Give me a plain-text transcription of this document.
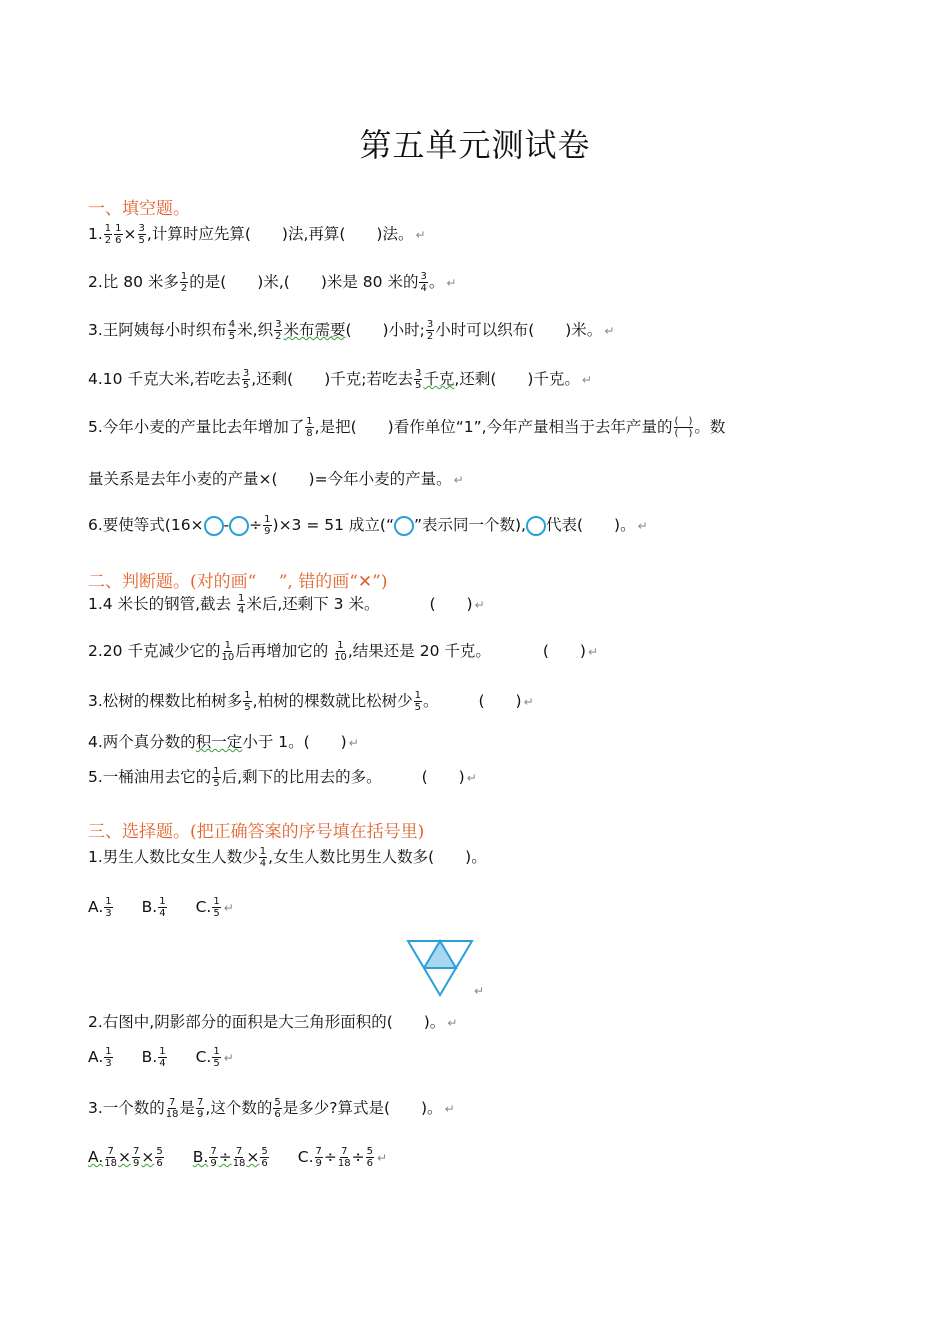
第五单元测试卷
一、填空题。
1. $\frac{1}{2} \frac{1}{6} \times \frac{3}{5}$ ,计算时应先算(　　)法,再算(　　)法。 ↵
2.比 80 米多 $\frac{1}{2}$ 的是(　　)米,(　　)米是 80 米的 $\frac{3}{4}$ 。 ↵
3.王阿姨每小时织布 $\frac{4}{5}$ 米,织 $\frac{3}{2}$ 米布需要(　　)小时; $\frac{3}{2}$ 小时可以织布(　　)米。 ↵
4.10 千克大米,若吃去 $\frac{3}{5}$ ,还剩(　　)千克;若吃去 $\frac{3}{5}$ 千克,还剩(　　)千克。 ↵
5.今年小麦的产量比去年增加了 $\frac{1}{8}$ ,是把(　　)看作单位“1”,今年产量相当于去年产量的 (　)
(　) 。数
量关系是去年小麦的产量×(　　)=今年小麦的产量。 ↵
6.要使等式(16× - ÷ $\frac{1}{9} )\times 3 = 51$ 成立(“ ”表示同一个数), 代表(　　)。 ↵
二、判断题。(对的画“　 ”, 错的画“✕”)
1.4 米长的钢管,截去 $\frac{1}{4}$ 米后,还剩下 3 米。	(　　) ↵
2.20 千克减少它的 $\frac{1}{10}$ 后再增加它的 $\frac{1}{10}$ ,结果还是 20 千克。	(　　) ↵
3.松树的棵数比柏树多 $\frac{1}{5}$ ,柏树的棵数就比松树少 $\frac{1}{5}$ 。	(　　) ↵
4.两个真分数的积一定小于 1。(　　) ↵
5.一桶油用去它的 $\frac{1}{5}$ 后,剩下的比用去的多。	(　　) ↵
三、选择题。(把正确答案的序号填在括号里)
1.男生人数比女生人数少 $\frac{1}{4}$ ,女生人数比男生人数多(　　)。
A. $\frac{1}{3} B$. $\frac{1}{4} C$. $\frac{1}{5}$ ↵
↵
2.右图中,阴影部分的面积是大三角形面积的(　　)。 ↵
A. $\frac{1}{3} B$. $\frac{1}{4} C$. $\frac{1}{5}$ ↵
3.一个数的 $\frac{7}{18}$ 是 $\frac{7}{9}$ ,这个数的 $\frac{5}{6}$ 是多少?算式是(　　)。 ↵
A. $\frac{7}{18} \times \frac{7}{9} \times \frac{5}{6} B$. $\frac{7}{9} \div \frac{7}{18} \times \frac{5}{6} C$. $\frac{7}{9} \div \frac{7}{18} \div \frac{5}{6}$ ↵
